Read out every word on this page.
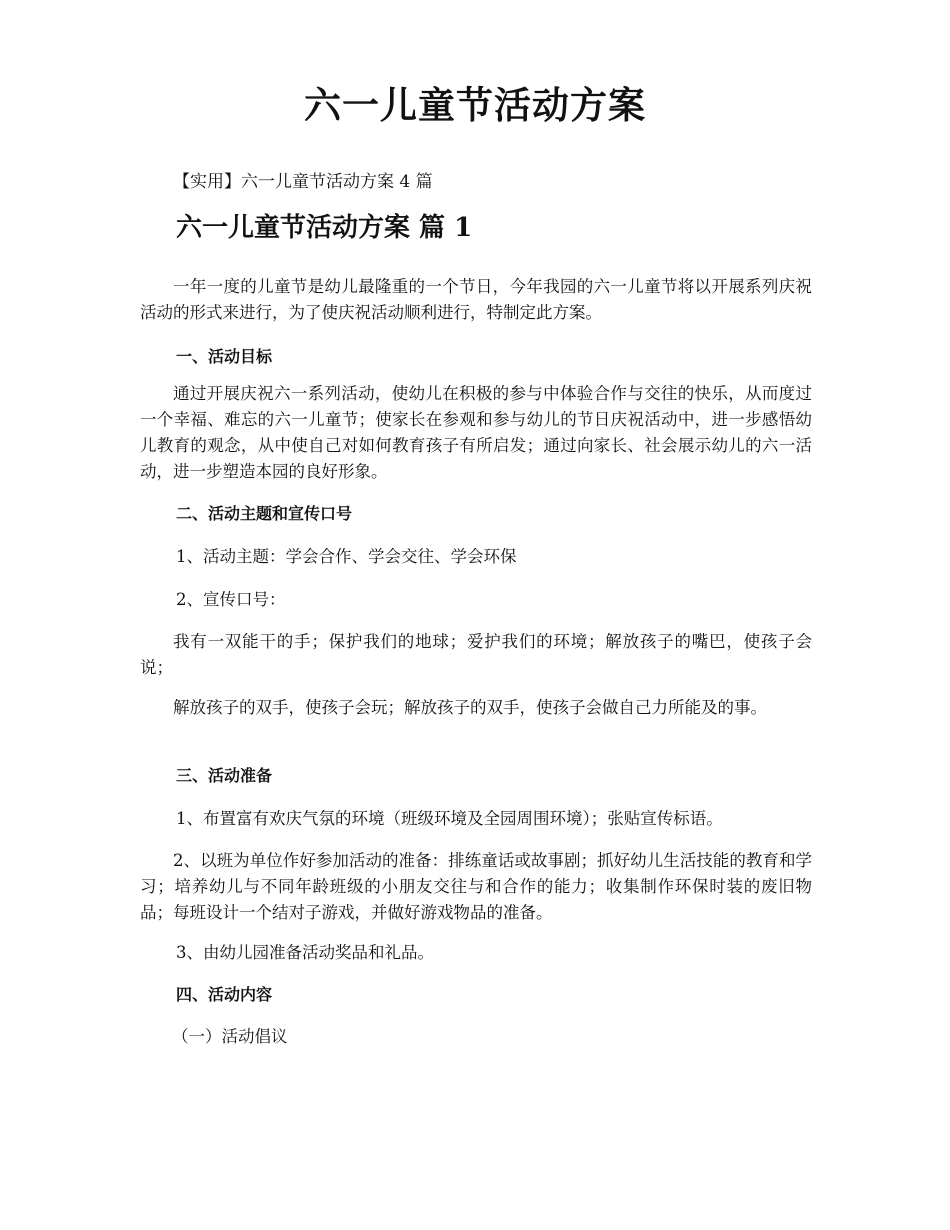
六一儿童节活动方案
【实用】六一儿童节活动方案 4 篇
六一儿童节活动方案 篇 1

一年一度的儿童节是幼儿最隆重的一个节日，今年我园的六一儿童节将以开展系列庆祝活动的形式来进行，为了使庆祝活动顺利进行，特制定此方案。

一、活动目标

通过开展庆祝六一系列活动，使幼儿在积极的参与中体验合作与交往的快乐，从而度过一个幸福、难忘的六一儿童节；使家长在参观和参与幼儿的节日庆祝活动中，进一步感悟幼儿教育的观念，从中使自己对如何教育孩子有所启发；通过向家长、社会展示幼儿的六一活动，进一步塑造本园的良好形象。

二、活动主题和宣传口号
1、活动主题：学会合作、学会交往、学会环保
2、宣传口号：

我有一双能干的手；保护我们的地球；爱护我们的环境；解放孩子的嘴巴，使孩子会说；

解放孩子的双手，使孩子会玩；解放孩子的双手，使孩子会做自己力所能及的事。

三、活动准备
1、布置富有欢庆气氛的环境（班级环境及全园周围环境）；张贴宣传标语。

2、以班为单位作好参加活动的准备：排练童话或故事剧；抓好幼儿生活技能的教育和学习；培养幼儿与不同年龄班级的小朋友交往与和合作的能力；收集制作环保时装的废旧物品；每班设计一个结对子游戏，并做好游戏物品的准备。

3、由幼儿园准备活动奖品和礼品。
四、活动内容
（一）活动倡议
